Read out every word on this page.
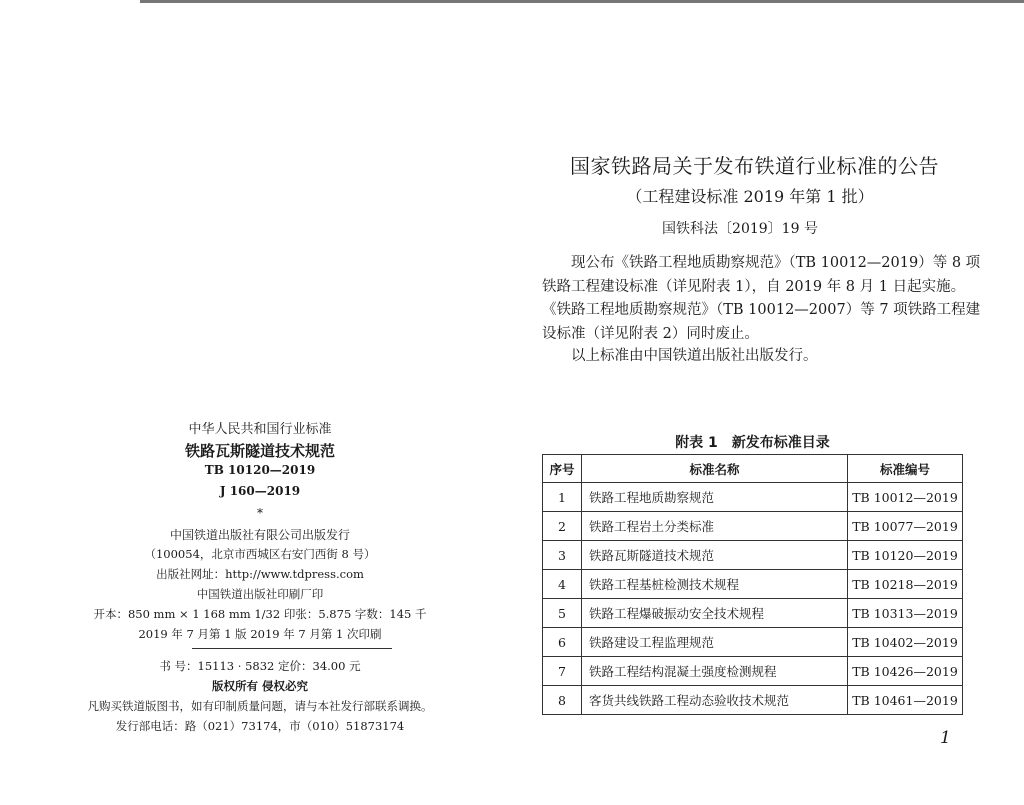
国家铁路局关于发布铁道行业标准的公告
（工程建设标准 2019 年第 1 批）
国铁科法〔2019〕19 号

现公布《铁路工程地质勘察规范》（TB 10012—2019）等 8 项
铁路工程建设标准（详见附表 1），自 2019 年 8 月 1 日起实施。
《铁路工程地质勘察规范》（TB 10012—2007）等 7 项铁路工程建
设标准（详见附表 2）同时废止。

以上标准由中国铁道出版社出版发行。
附表 1 新发布标准目录
序号	标准名称	标准编号
1	铁路工程地质勘察规范	TB 10012—2019
2	铁路工程岩土分类标准	TB 10077—2019
3	铁路瓦斯隧道技术规范	TB 10120—2019
4	铁路工程基桩检测技术规程	TB 10218—2019
5	铁路工程爆破振动安全技术规程	TB 10313—2019
6	铁路建设工程监理规范	TB 10402—2019
7	铁路工程结构混凝土强度检测规程	TB 10426—2019
8	客货共线铁路工程动态验收技术规范	TB 10461—2019
1
中华人民共和国行业标准
铁路瓦斯隧道技术规范
TB 10120—2019
J 160—2019
*
中国铁道出版社有限公司出版发行
（100054，北京市西城区右安门西街 8 号）
出版社网址：http://www.tdpress.com
中国铁道出版社印刷厂印
开本：850 mm × 1 168 mm 1/32 印张：5.875 字数：145 千
2019 年 7 月第 1 版 2019 年 7 月第 1 次印刷
书 号：15113 · 5832 定价：34.00 元
版权所有 侵权必究
凡购买铁道版图书，如有印制质量问题，请与本社发行部联系调换。
发行部电话：路（021）73174，市（010）51873174
